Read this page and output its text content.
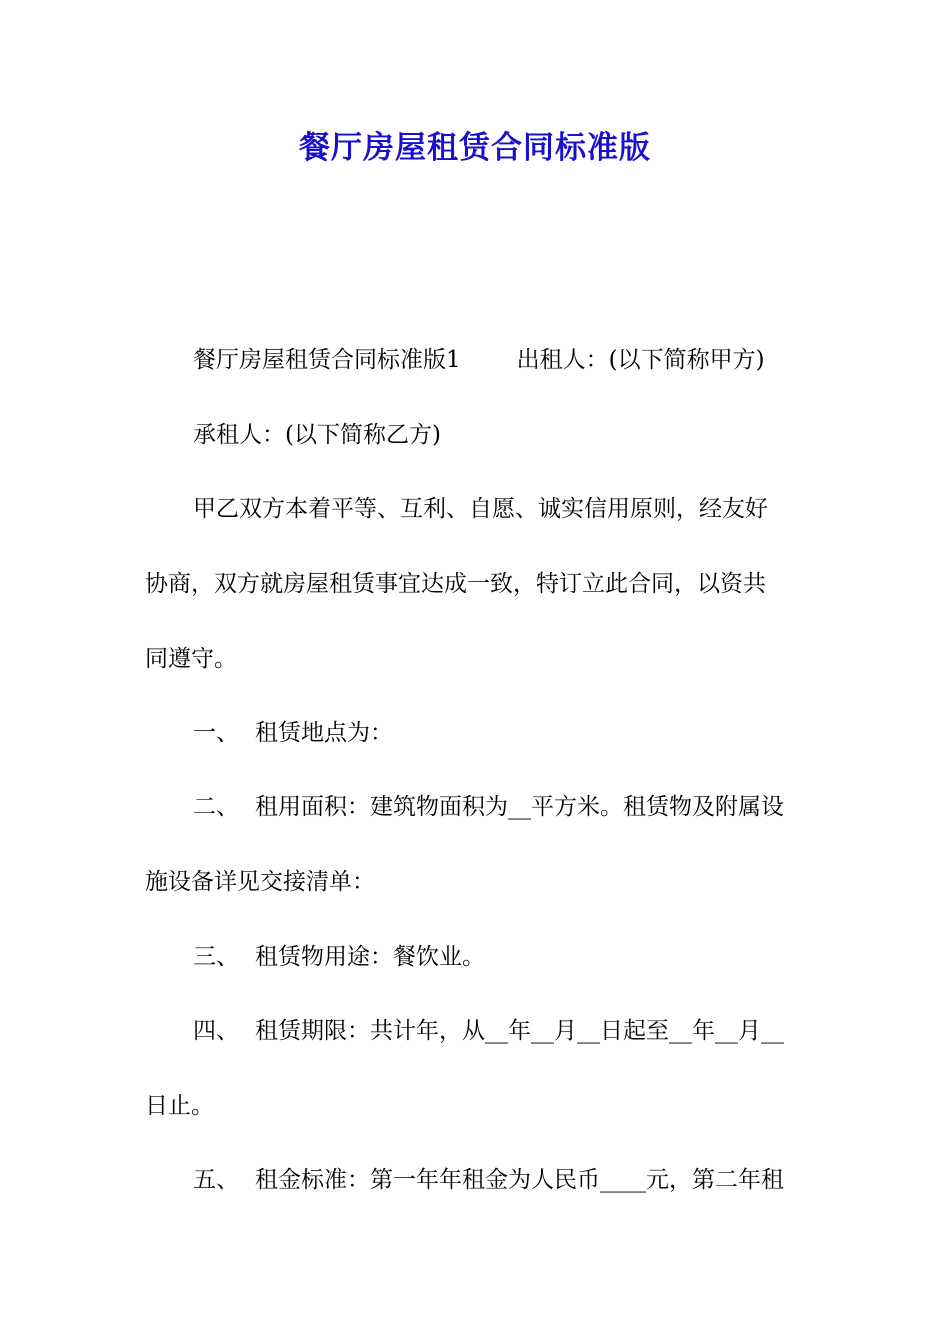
餐厅房屋租赁合同标准版

餐厅房屋租赁合同标准版1 出租人：(以下简称甲方)

承租人：(以下简称乙方)

甲乙双方本着平等、互利、自愿、诚实信用原则，经友好

协商，双方就房屋租赁事宜达成一致，特订立此合同，以资共

同遵守。

一、 租赁地点为：

二、 租用面积：建筑物面积为__平方米。租赁物及附属设

施设备详见交接清单：

三、 租赁物用途：餐饮业。

四、 租赁期限：共计年，从__年__月__日起至__年__月__

日止。

五、 租金标准：第一年年租金为人民币____元，第二年租
